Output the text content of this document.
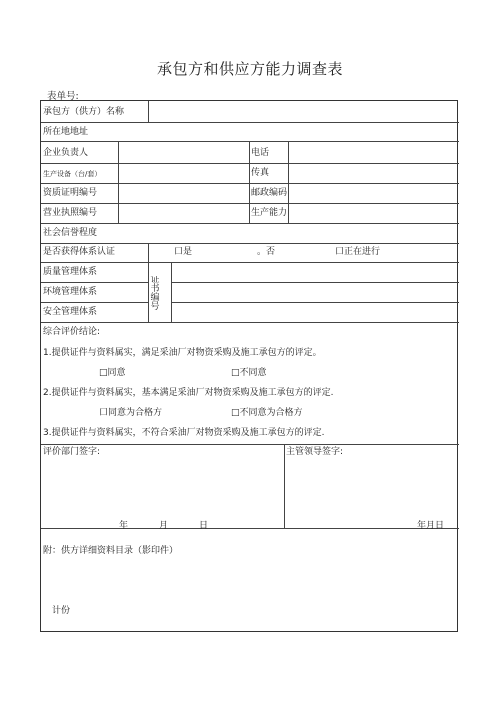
承包方和供应方能力调查表
表单号:
承包方（供方）名称
所在地地址
企业负责人	电话
生产设备（台/套）	传真
资质证明编号	邮政编码
营业执照编号	生产能力
社会信誉程度
是否获得体系认证	口是	。否	口正在进行
质量管理体系
环境管理体系
安全管理体系
证书编号
综合评价结论:
1.提供证件与资料属实，满足采油厂对物资采购及施工承包方的评定。
□同意	□不同意
2.提供证件与资料属实，基本满足采油厂对物资采购及施工承包方的评定.
口同意为合格方	□不同意为合格方
3.提供证件与资料属实，不符合采油厂对物资采购及施工承包方的评定.
评价部门签字:	主管领导签字:
年	月	日	年月日
附：供方详细资料目录（影印件）
计份
